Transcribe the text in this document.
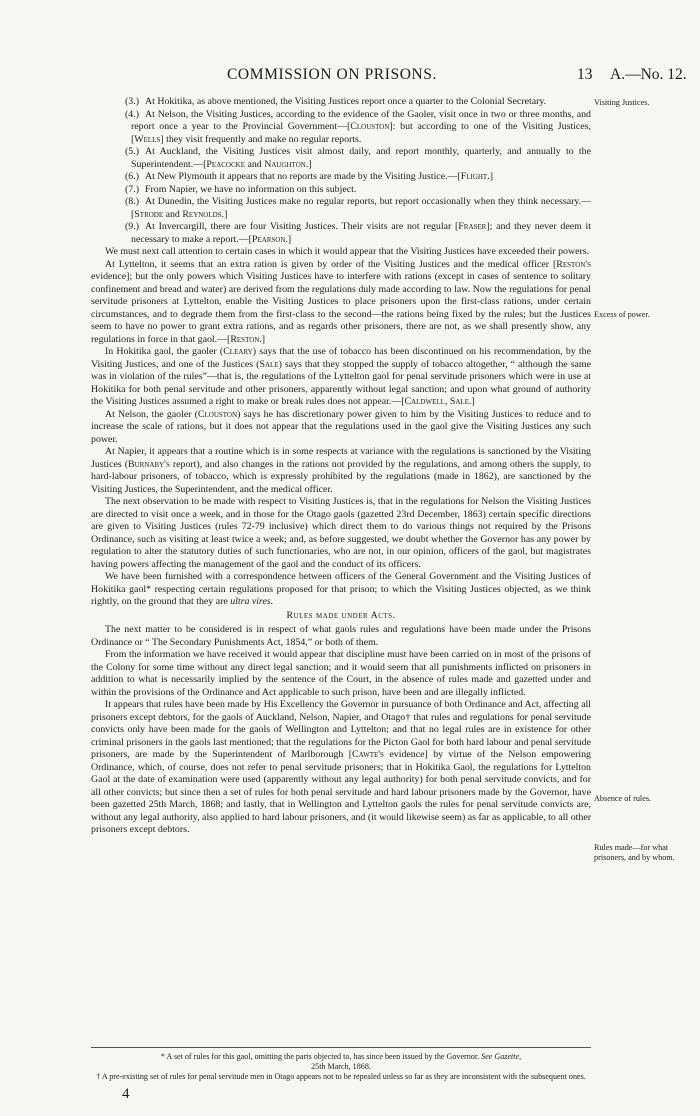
COMMISSION ON PRISONS.	13 A.—No. 12.

(3.) At Hokitika, as above mentioned, the Visiting Justices report once a quarter to the Colonial Secretary.

(4.) At Nelson, the Visiting Justices, according to the evidence of the Gaoler, visit once in two or three months, and report once a year to the Provincial Government—[Clouston]: but according to one of the Visiting Justices, [Wells] they visit frequently and make no regular reports.

(5.) At Auckland, the Visiting Justices visit almost daily, and report monthly, quarterly, and annually to the Superintendent.—[Peacocke and Naughton.]

(6.) At New Plymouth it appears that no reports are made by the Visiting Justice.—[Flight.]

(7.) From Napier, we have no information on this subject.

(8.) At Dunedin, the Visiting Justices make no regular reports, but report occasionally when they think necessary.—[Strode and Reynolds.]

(9.) At Invercargill, there are four Visiting Justices. Their visits are not regular [Fraser]; and they never deem it necessary to make a report.—[Pearson.]

We must next call attention to certain cases in which it would appear that the Visiting Justices have exceeded their powers.

At Lyttelton, it seems that an extra ration is given by order of the Visiting Justices and the medical officer [Reston's evidence]; but the only powers which Visiting Justices have to interfere with rations (except in cases of sentence to solitary confinement and bread and water) are derived from the regulations duly made according to law. Now the regulations for penal servitude prisoners at Lyttelton, enable the Visiting Justices to place prisoners upon the first-class rations, under certain circumstances, and to degrade them from the first-class to the second—the rations being fixed by the rules; but the Justices seem to have no power to grant extra rations, and as regards other prisoners, there are not, as we shall presently show, any regulations in force in that gaol.—[Reston.]

In Hokitika gaol, the gaoler (Cleary) says that the use of tobacco has been discontinued on his recommendation, by the Visiting Justices, and one of the Justices (Sale) says that they stopped the supply of tobacco altogether, “ although the same was in violation of the rules”—that is, the regulations of the Lyttelton gaol for penal servitude prisoners which were in use at Hokitika for both penal servitude and other prisoners, apparently without legal sanction; and upon what ground of authority the Visiting Justices assumed a right to make or break rules does not appear.—[Caldwell, Sale.]

At Nelson, the gaoler (Clouston) says he has discretionary power given to him by the Visiting Justices to reduce and to increase the scale of rations, but it does not appear that the regulations used in the gaol give the Visiting Justices any such power.

At Napier, it appears that a routine which is in some respects at variance with the regulations is sanctioned by the Visiting Justices (Burnaby's report), and also changes in the rations not provided by the regulations, and among others the supply, to hard-labour prisoners, of tobacco, which is expressly prohibited by the regulations (made in 1862), are sanctioned by the Visiting Justices, the Superintendent, and the medical officer.

The next observation to be made with respect to Visiting Justices is, that in the regulations for Nelson the Visiting Justices are directed to visit once a week, and in those for the Otago gaols (gazetted 23rd December, 1863) certain specific directions are given to Visiting Justices (rules 72-79 inclusive) which direct them to do various things not required by the Prisons Ordinance, such as visiting at least twice a week; and, as before suggested, we doubt whether the Governor has any power by regulation to alter the statutory duties of such functionaries, who are not, in our opinion, officers of the gaol, but magistrates having powers affecting the management of the gaol and the conduct of its officers.

We have been furnished with a correspondence between officers of the General Government and the Visiting Justices of Hokitika gaol* respecting certain regulations proposed for that prison; to which the Visiting Justices objected, as we think rightly, on the ground that they are ultra vires.

Rules made under Acts.

The next matter to be considered is in respect of what gaols rules and regulations have been made under the Prisons Ordinance or “ The Secondary Punishments Act, 1854,” or both of them.

From the information we have received it would appear that discipline must have been carried on in most of the prisons of the Colony for some time without any direct legal sanction; and it would seem that all punishments inflicted on prisoners in addition to what is necessarily implied by the sentence of the Court, in the absence of rules made and gazetted under and within the provisions of the Ordinance and Act applicable to such prison, have been and are illegally inflicted.

It appears that rules have been made by His Excellency the Governor in pursuance of both Ordinance and Act, affecting all prisoners except debtors, for the gaols of Auckland, Nelson, Napier, and Otago† that rules and regulations for penal servitude convicts only have been made for the gaols of Wellington and Lyttelton; and that no legal rules are in existence for other criminal prisoners in the gaols last mentioned; that the regulations for the Picton Gaol for both hard labour and penal servitude prisoners, are made by the Superintendent of Marlborough [Cawte's evidence] by virtue of the Nelson empowering Ordinance, which, of course, does not refer to penal servitude prisoners; that in Hokitika Gaol, the regulations for Lyttelton Gaol at the date of examination were used (apparently without any legal authority) for both penal servitude convicts, and for all other convicts; but since then a set of rules for both penal servitude and hard labour prisoners made by the Governor, have been gazetted 25th March, 1868; and lastly, that in Wellington and Lyttelton gaols the rules for penal servitude convicts are, without any legal authority, also applied to hard labour prisoners, and (it would likewise seem) as far as applicable, to all other prisoners except debtors.

Visiting Justices.
Excess of power.
Absence of rules.
Rules made—for what prisoners, and by whom.

* A set of rules for this gaol, omitting the parts objected to, has since been issued by the Governor. See Gazette,
25th March, 1868.

† A pre-existing set of rules for penal servitude men in Otago appears not to be repealed unless so far as they are inconsistent with the subsequent ones.

4
